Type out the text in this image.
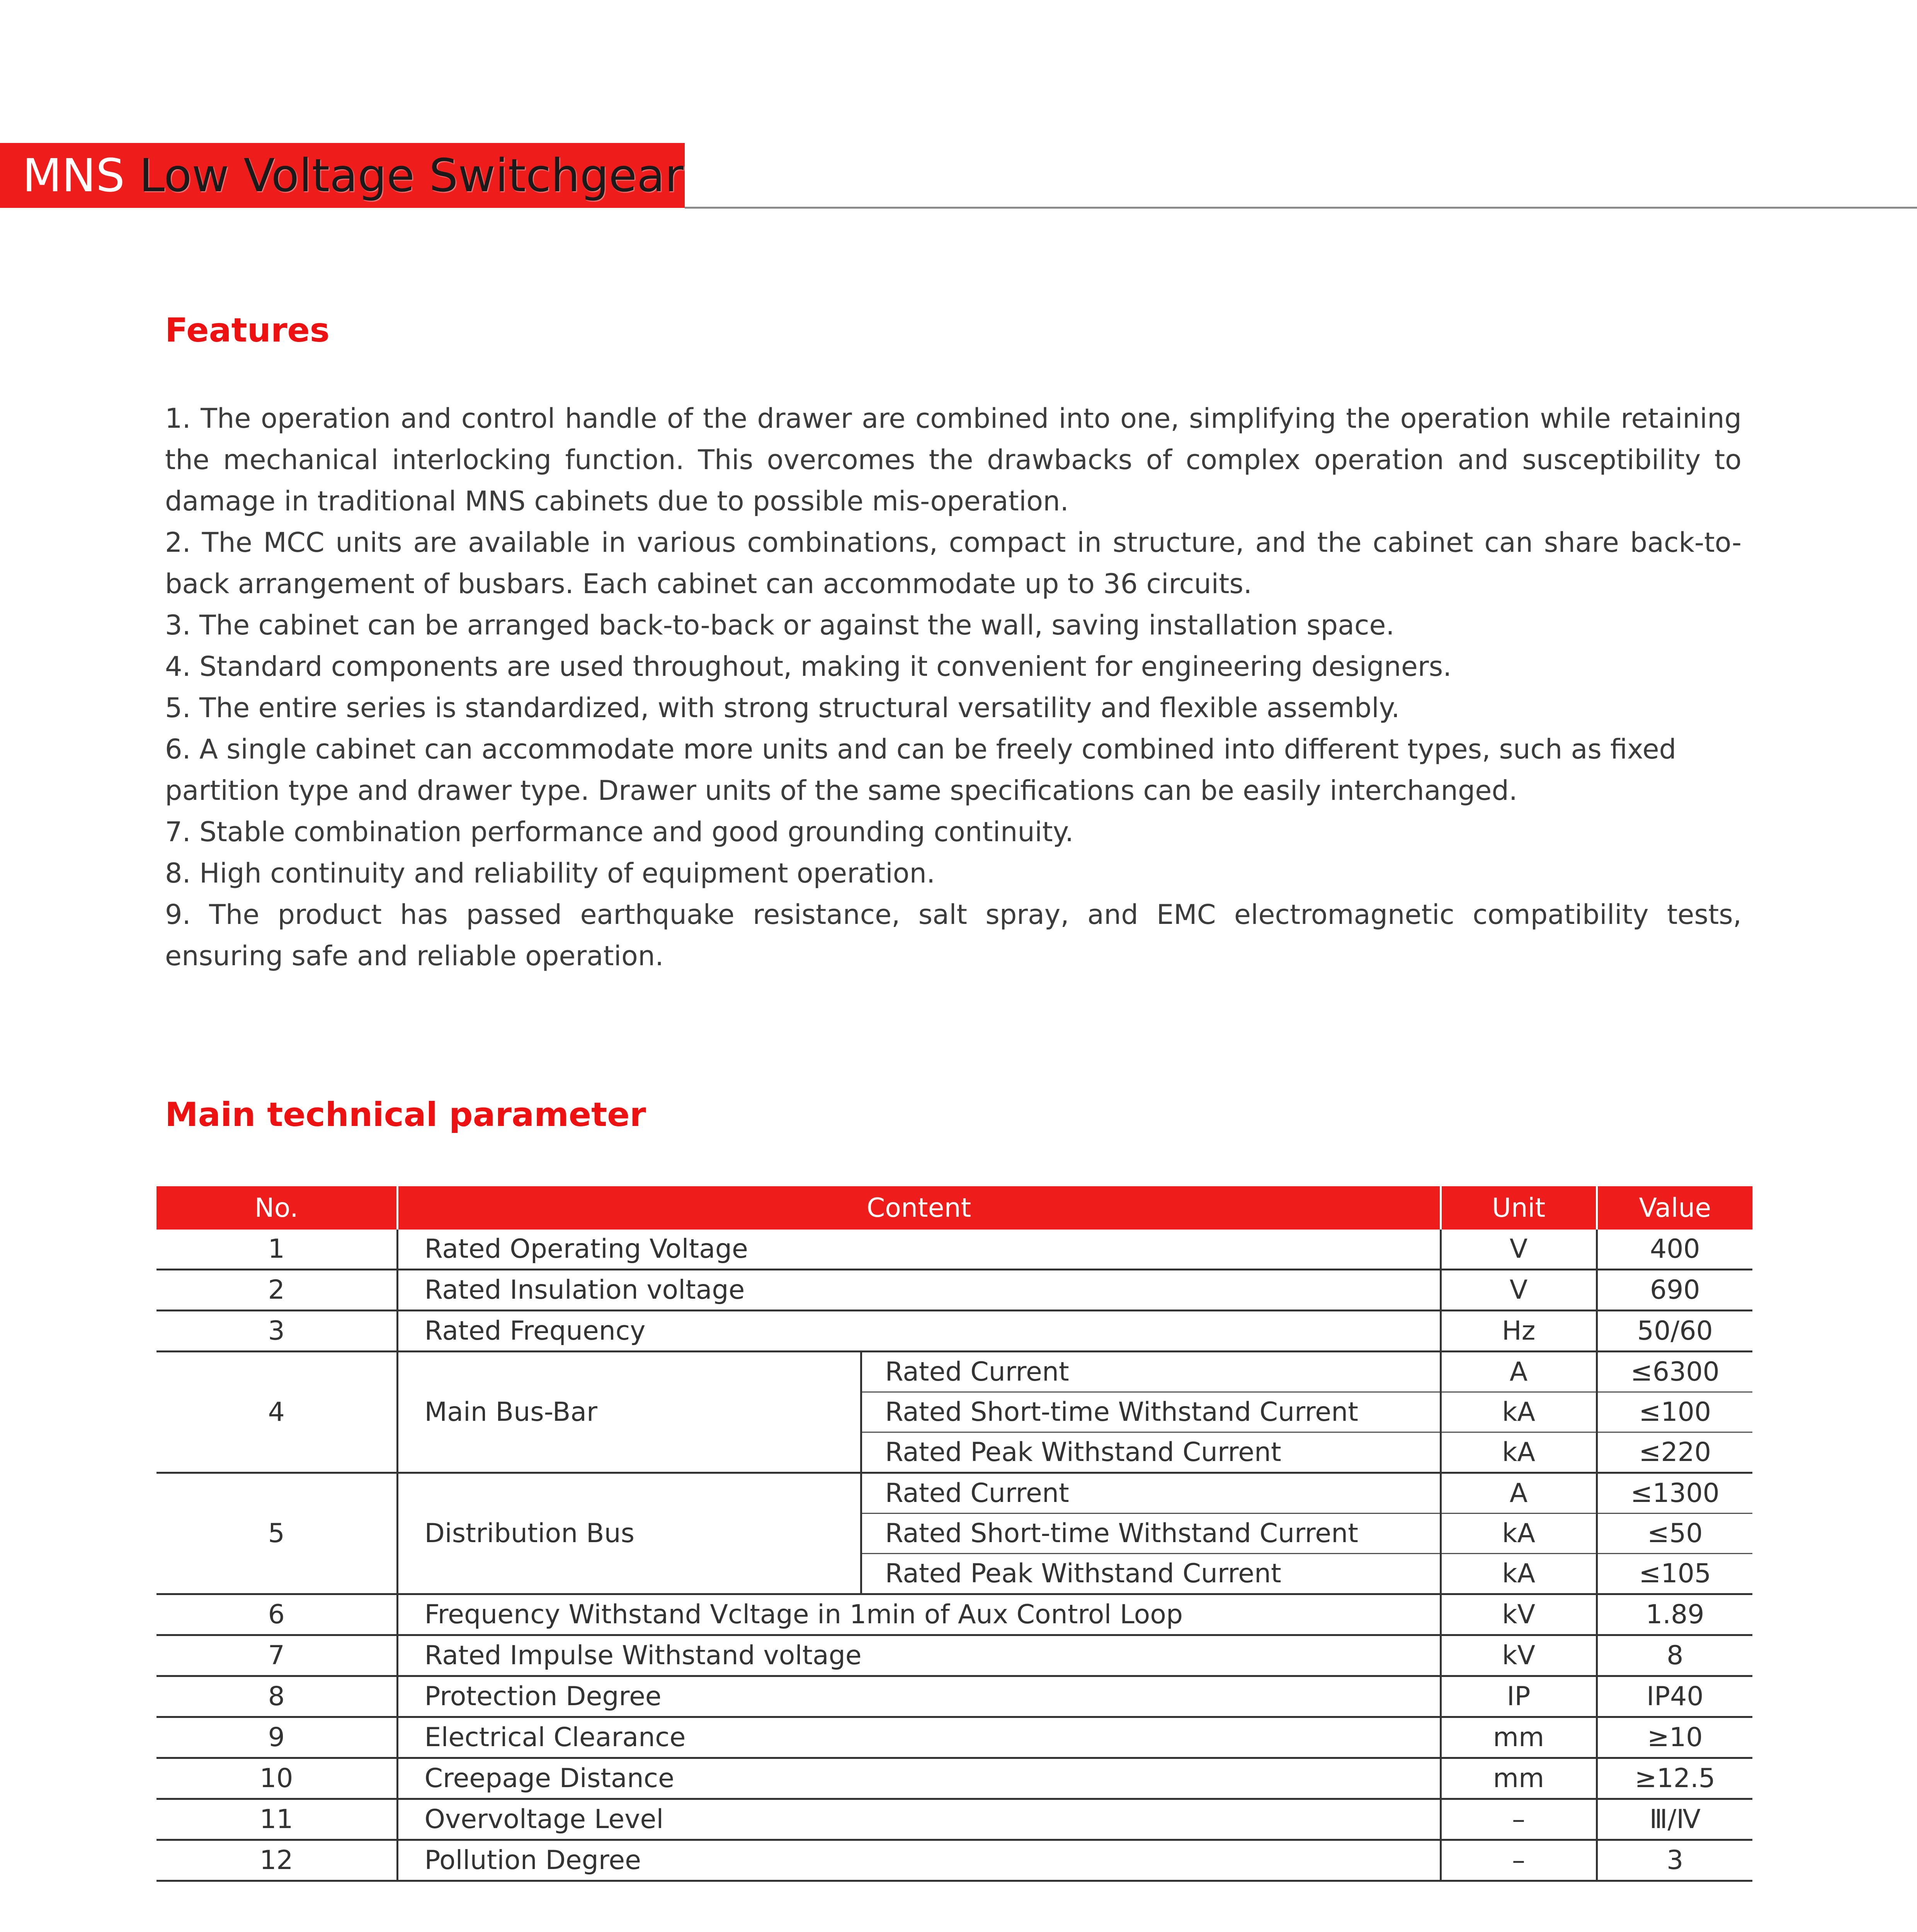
MNS Low Voltage Switchgear
Features
1. The operation and control handle of the drawer are combined into one, simplifying the operation while retaining the mechanical interlocking function. This overcomes the drawbacks of complex operation and susceptibility to damage in traditional MNS cabinets due to possible mis-operation.
2. The MCC units are available in various combinations, compact in structure, and the cabinet can share back-to-back arrangement of busbars. Each cabinet can accommodate up to 36 circuits.
3. The cabinet can be arranged back-to-back or against the wall, saving installation space.
4. Standard components are used throughout, making it convenient for engineering designers.
5. The entire series is standardized, with strong structural versatility and flexible assembly.
6. A single cabinet can accommodate more units and can be freely combined into different types, such as fixed partition type and drawer type. Drawer units of the same specifications can be easily interchanged.
7. Stable combination performance and good grounding continuity.
8. High continuity and reliability of equipment operation.
9. The product has passed earthquake resistance, salt spray, and EMC electromagnetic compatibility tests, ensuring safe and reliable operation.
Main technical parameter
No.	Content		Unit	Value
1	Rated Operating Voltage		V	400
2	Rated Insulation voltage		V	690
3	Rated Frequency		Hz	50/60
4	Main Bus-Bar	Rated Current	A	≤6300
		Rated Short-time Withstand Current	kA	≤100
		Rated Peak Withstand Current	kA	≤220
5	Distribution Bus	Rated Current	A	≤1300
		Rated Short-time Withstand Current	kA	≤50
		Rated Peak Withstand Current	kA	≤105
6	Frequency Withstand Vcltage in 1min of Aux Control Loop		kV	1.89
7	Rated Impulse Withstand voltage		kV	8
8	Protection Degree		IP	IP40
9	Electrical Clearance		mm	≥10
10	Creepage Distance		mm	≥12.5
11	Overvoltage Level		–	Ⅲ/Ⅳ
12	Pollution Degree		–	3
